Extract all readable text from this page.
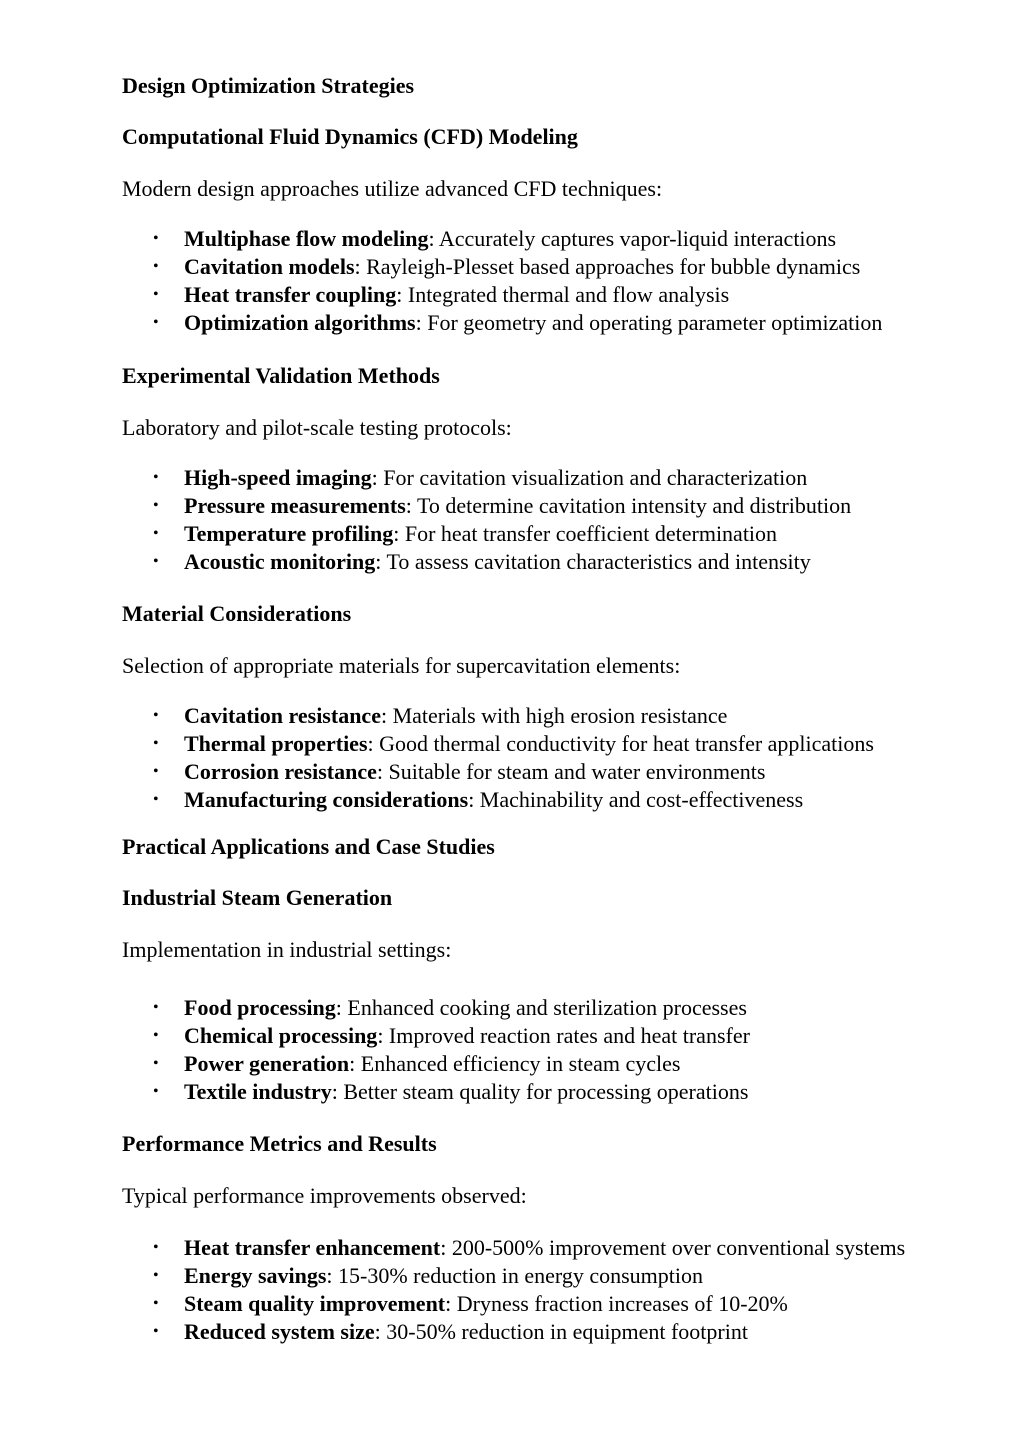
Design Optimization Strategies
Computational Fluid Dynamics (CFD) Modeling

Modern design approaches utilize advanced CFD techniques:

• Multiphase flow modeling: Accurately captures vapor-liquid interactions
• Cavitation models: Rayleigh-Plesset based approaches for bubble dynamics
• Heat transfer coupling: Integrated thermal and flow analysis
• Optimization algorithms: For geometry and operating parameter optimization
Experimental Validation Methods

Laboratory and pilot-scale testing protocols:

• High-speed imaging: For cavitation visualization and characterization
• Pressure measurements: To determine cavitation intensity and distribution
• Temperature profiling: For heat transfer coefficient determination
• Acoustic monitoring: To assess cavitation characteristics and intensity
Material Considerations

Selection of appropriate materials for supercavitation elements:

• Cavitation resistance: Materials with high erosion resistance
• Thermal properties: Good thermal conductivity for heat transfer applications
• Corrosion resistance: Suitable for steam and water environments
• Manufacturing considerations: Machinability and cost-effectiveness
Practical Applications and Case Studies
Industrial Steam Generation

Implementation in industrial settings:

• Food processing: Enhanced cooking and sterilization processes
• Chemical processing: Improved reaction rates and heat transfer
• Power generation: Enhanced efficiency in steam cycles
• Textile industry: Better steam quality for processing operations
Performance Metrics and Results

Typical performance improvements observed:

• Heat transfer enhancement: 200-500% improvement over conventional systems
• Energy savings: 15-30% reduction in energy consumption
• Steam quality improvement: Dryness fraction increases of 10-20%
• Reduced system size: 30-50% reduction in equipment footprint
